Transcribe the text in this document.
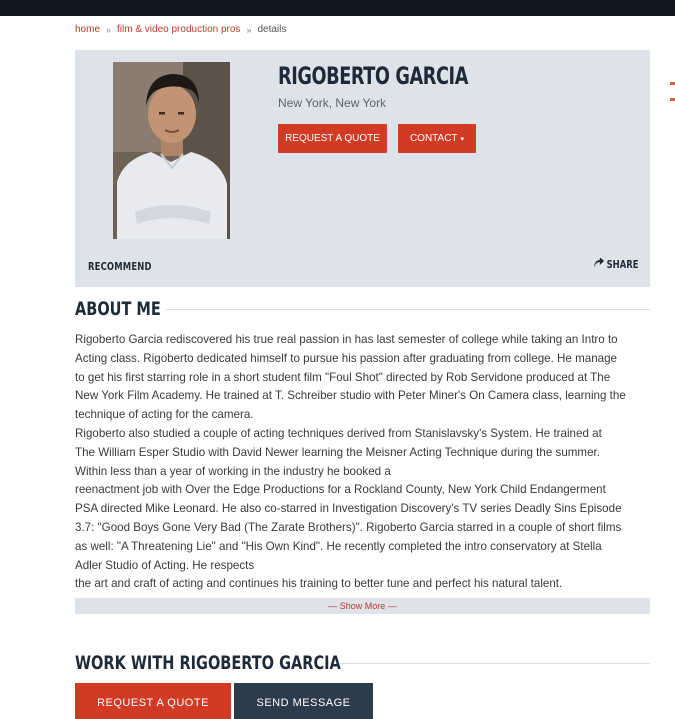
home » film & video production pros » details
RIGOBERTO GARCIA
New York, New York
REQUEST A QUOTE	CONTACT ▾
RECOMMEND	SHARE
ABOUT ME

Rigoberto Garcia rediscovered his true real passion in has last semester of college while taking an Intro to

Acting class. Rigoberto dedicated himself to pursue his passion after graduating from college. He manage

to get his first starring role in a short student film "Foul Shot" directed by Rob Servidone produced at The

New York Film Academy. He trained at T. Schreiber studio with Peter Miner's On Camera class, learning the

technique of acting for the camera.

Rigoberto also studied a couple of acting techniques derived from Stanislavsky's System. He trained at

The William Esper Studio with David Newer learning the Meisner Acting Technique during the summer.

Within less than a year of working in the industry he booked a

reenactment job with Over the Edge Productions for a Rockland County, New York Child Endangerment

PSA directed Mike Leonard. He also co-starred in Investigation Discovery's TV series Deadly Sins Episode

3.7: "Good Boys Gone Very Bad (The Zarate Brothers)". Rigoberto Garcia starred in a couple of short films

as well: "A Threatening Lie" and "His Own Kind". He recently completed the intro conservatory at Stella

Adler Studio of Acting. He respects

the art and craft of acting and continues his training to better tune and perfect his natural talent.

— Show More —
WORK WITH RIGOBERTO GARCIA
REQUEST A QUOTE	SEND MESSAGE
